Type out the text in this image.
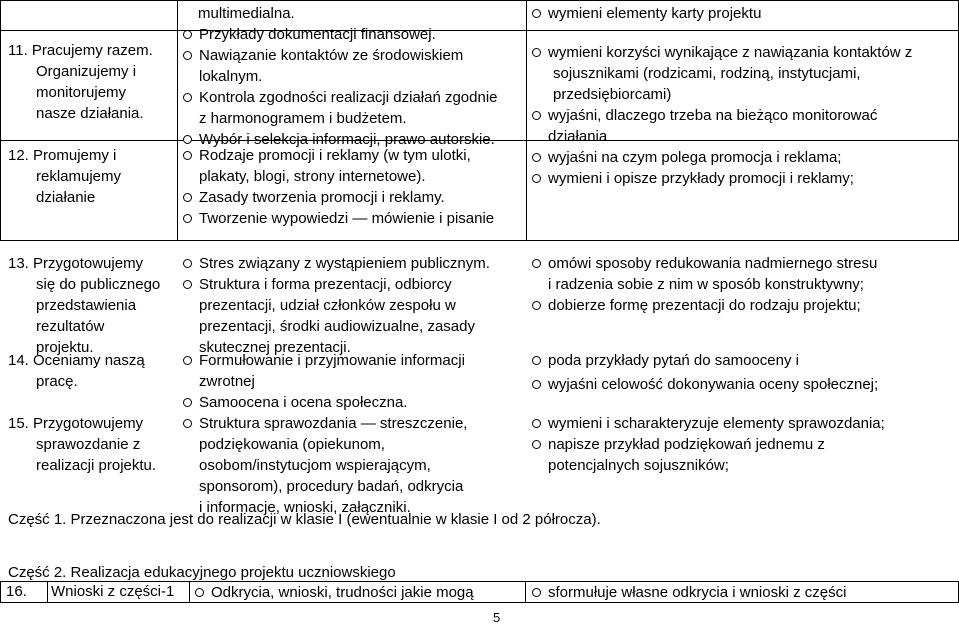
11. Pracujemy razem.
Organizujemy i
monitorujemy
nasze działania.
multimedialna.
Przykłady dokumentacji finansowej.
Nawiązanie kontaktów ze środowiskiem
lokalnym.
Kontrola zgodności realizacji działań zgodnie
z harmonogramem i budżetem.
Wybór i selekcja informacji, prawo autorskie.
wymieni elementy karty projektu
wymieni korzyści wynikające z nawiązania kontaktów z
sojusznikami (rodzicami, rodziną, instytucjami,
przedsiębiorcami)
wyjaśni, dlaczego trzeba na bieżąco monitorować
działania
12. Promujemy i
reklamujemy
działanie
Rodzaje promocji i reklamy (w tym ulotki,
plakaty, blogi, strony internetowe).
Zasady tworzenia promocji i reklamy.
Tworzenie wypowiedzi — mówienie i pisanie
wyjaśni na czym polega promocja i reklama;
wymieni i opisze przykłady promocji i reklamy;
13. Przygotowujemy
się do publicznego
przedstawienia
rezultatów
projektu.
Stres związany z wystąpieniem publicznym.
Struktura i forma prezentacji, odbiorcy
prezentacji, udział członków zespołu w
prezentacji, środki audiowizualne, zasady
skutecznej prezentacji.
omówi sposoby redukowania nadmiernego stresu
i radzenia sobie z nim w sposób konstruktywny;
dobierze formę prezentacji do rodzaju projektu;
14. Oceniamy naszą
pracę.
Formułowanie i przyjmowanie informacji
zwrotnej
Samoocena i ocena społeczna.
poda przykłady pytań do samooceny i
wyjaśni celowość dokonywania oceny społecznej;
15. Przygotowujemy
sprawozdanie z
realizacji projektu.
Struktura sprawozdania — streszczenie,
podziękowania (opiekunom,
osobom/instytucjom wspierającym,
sponsorom), procedury badań, odkrycia
i informacje, wnioski, załączniki.
wymieni i scharakteryzuje elementy sprawozdania;
napisze przykład podziękowań jednemu z
potencjalnych sojuszników;
Część 1. Przeznaczona jest do realizacji w klasie I (ewentualnie w klasie I od 2 półrocza).
Część 2. Realizacja edukacyjnego projektu uczniowskiego
16. Wnioski z części-1 Odkrycia, wnioski, trudności jakie mogą	sformułuje własne odkrycia i wnioski z części
5
